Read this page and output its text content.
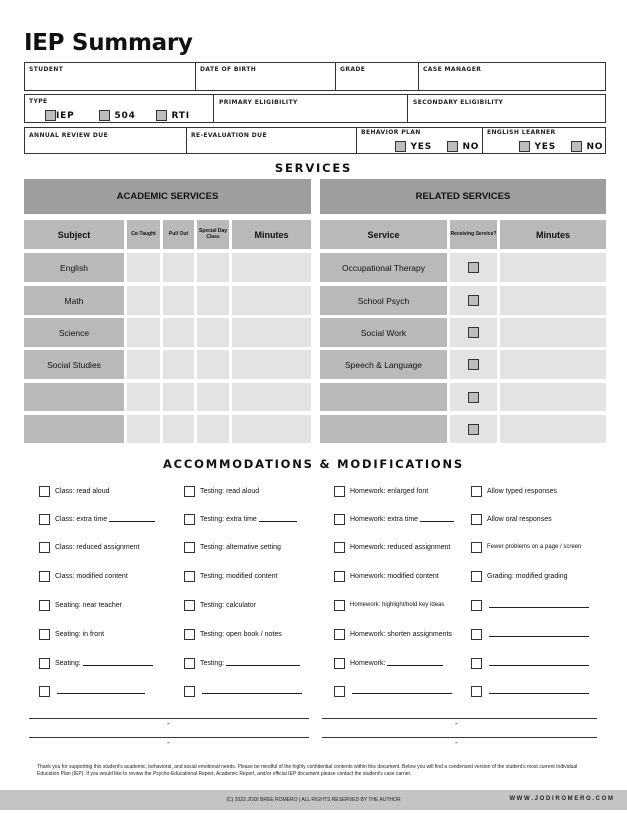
IEP Summary
STUDENT	DATE OF BIRTH	GRADE	CASE MANAGER
TYPE
IEP	504	RTI
PRIMARY ELIGIBILITY	SECONDARY ELIGIBILITY
ANNUAL REVIEW DUE	RE-EVALUATION DUE	BEHAVIOR PLAN
YES	NO
ENGLISH LEARNER
YES	NO
SERVICES
ACADEMIC SERVICES
Subject	Co-Taught	Pull Out	Special Day Class	Minutes
English
Math
Science
Social Studies
RELATED SERVICES
Service	Receiving Service?	Minutes
Occupational Therapy
School Psych
Social Work
Speech & Language
ACCOMMODATIONS & MODIFICATIONS
Class: read aloud
Class: extra time
Class: reduced assignment
Class: modified content
Seating: near teacher
Seating: in front
Seating:
Testing: read aloud
Testing: extra time
Testing: alternative setting
Testing: modified content
Testing: calculator
Testing: open book / notes
Testing:
Homework: enlarged font
Homework: extra time
Homework: reduced assignment
Homework: modified content
Homework: highlight/bold key ideas
Homework: shorten assignments
Homework:
Allow typed responses
Allow oral responses
Fewer problems on a page / screen
Grading: modified grading
-	-
-	-
Thank you for supporting this student's academic, behavioral, and social emotional needs. Please be mindful of the highly confidential contents within this document. Below you will find a condensed version of the student's most current Individual Education Plan (IEP). If you would like to review the Psycho-Educational Report, Academic Report, and/or official IEP document please contact the student's case carrier.
(C) 2022 JODI BREE ROMERO | ALL RIGHTS RESERVED BY THE AUTHOR	W W W . J O D I R O M E R O . C O M
